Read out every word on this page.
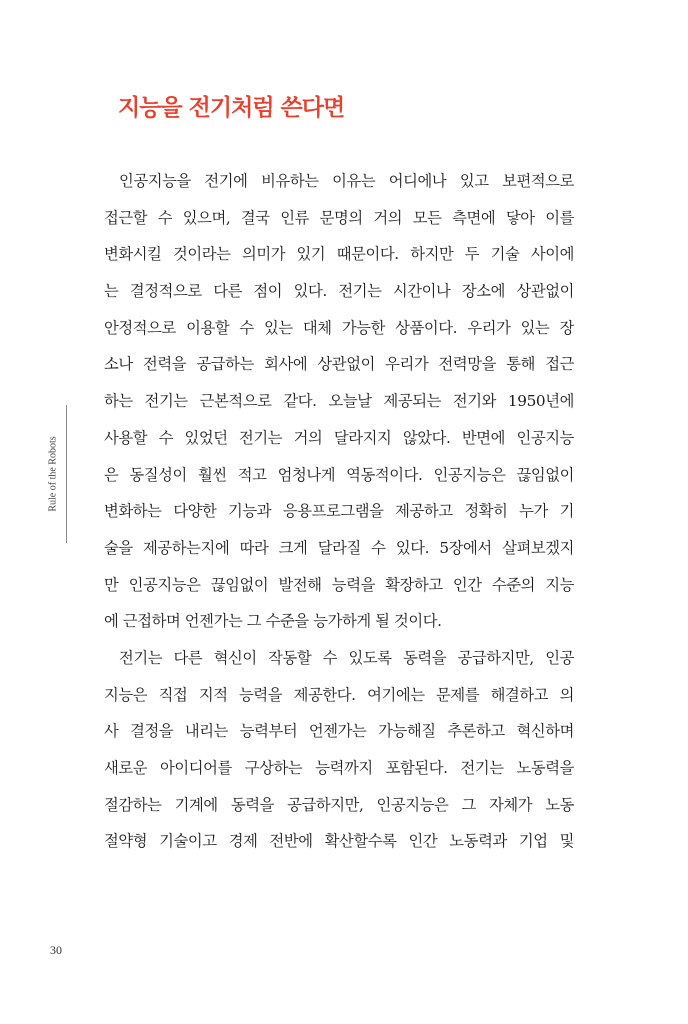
지능을 전기처럼 쓴다면
Rule of the Robots
인공지능을 전기에 비유하는 이유는 어디에나 있고 보편적으로
접근할 수 있으며, 결국 인류 문명의 거의 모든 측면에 닿아 이를
변화시킬 것이라는 의미가 있기 때문이다. 하지만 두 기술 사이에
는 결정적으로 다른 점이 있다. 전기는 시간이나 장소에 상관없이
안정적으로 이용할 수 있는 대체 가능한 상품이다. 우리가 있는 장
소나 전력을 공급하는 회사에 상관없이 우리가 전력망을 통해 접근
하는 전기는 근본적으로 같다. 오늘날 제공되는 전기와 1950년에
사용할 수 있었던 전기는 거의 달라지지 않았다. 반면에 인공지능
은 동질성이 훨씬 적고 엄청나게 역동적이다. 인공지능은 끊임없이
변화하는 다양한 기능과 응용프로그램을 제공하고 정확히 누가 기
술을 제공하는지에 따라 크게 달라질 수 있다. 5장에서 살펴보겠지
만 인공지능은 끊임없이 발전해 능력을 확장하고 인간 수준의 지능
에 근접하며 언젠가는 그 수준을 능가하게 될 것이다.
전기는 다른 혁신이 작동할 수 있도록 동력을 공급하지만, 인공
지능은 직접 지적 능력을 제공한다. 여기에는 문제를 해결하고 의
사 결정을 내리는 능력부터 언젠가는 가능해질 추론하고 혁신하며
새로운 아이디어를 구상하는 능력까지 포함된다. 전기는 노동력을
절감하는 기계에 동력을 공급하지만, 인공지능은 그 자체가 노동
절약형 기술이고 경제 전반에 확산할수록 인간 노동력과 기업 및
30
